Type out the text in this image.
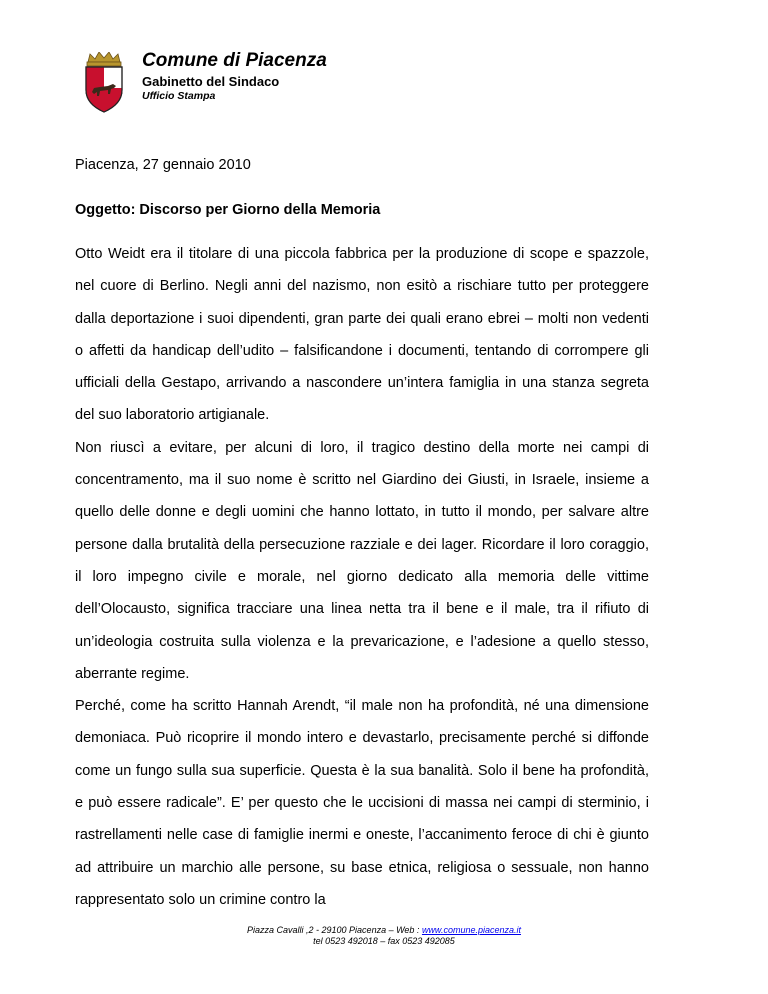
Comune di Piacenza
Gabinetto del Sindaco
Ufficio Stampa
Piacenza, 27 gennaio 2010
Oggetto: Discorso per Giorno della Memoria

Otto Weidt era il titolare di una piccola fabbrica per la produzione di scope e spazzole, nel cuore di Berlino. Negli anni del nazismo, non esitò a rischiare tutto per proteggere dalla deportazione i suoi dipendenti, gran parte dei quali erano ebrei – molti non vedenti o affetti da handicap dell’udito – falsificandone i documenti, tentando di corrompere gli ufficiali della Gestapo, arrivando a nascondere un’intera famiglia in una stanza segreta del suo laboratorio artigianale.

Non riuscì a evitare, per alcuni di loro, il tragico destino della morte nei campi di concentramento, ma il suo nome è scritto nel Giardino dei Giusti, in Israele, insieme a quello delle donne e degli uomini che hanno lottato, in tutto il mondo, per salvare altre persone dalla brutalità della persecuzione razziale e dei lager. Ricordare il loro coraggio, il loro impegno civile e morale, nel giorno dedicato alla memoria delle vittime dell’Olocausto, significa tracciare una linea netta tra il bene e il male, tra il rifiuto di un’ideologia costruita sulla violenza e la prevaricazione, e l’adesione a quello stesso, aberrante regime.

Perché, come ha scritto Hannah Arendt, “il male non ha profondità, né una dimensione demoniaca. Può ricoprire il mondo intero e devastarlo, precisamente perché si diffonde come un fungo sulla sua superficie. Questa è la sua banalità. Solo il bene ha profondità, e può essere radicale”. E’ per questo che le uccisioni di massa nei campi di sterminio, i rastrellamenti nelle case di famiglie inermi e oneste, l’accanimento feroce di chi è giunto ad attribuire un marchio alle persone, su base etnica, religiosa o sessuale, non hanno rappresentato solo un crimine contro la

Piazza Cavalli ,2 - 29100 Piacenza – Web : www.comune.piacenza.it
tel 0523 492018 – fax 0523 492085
